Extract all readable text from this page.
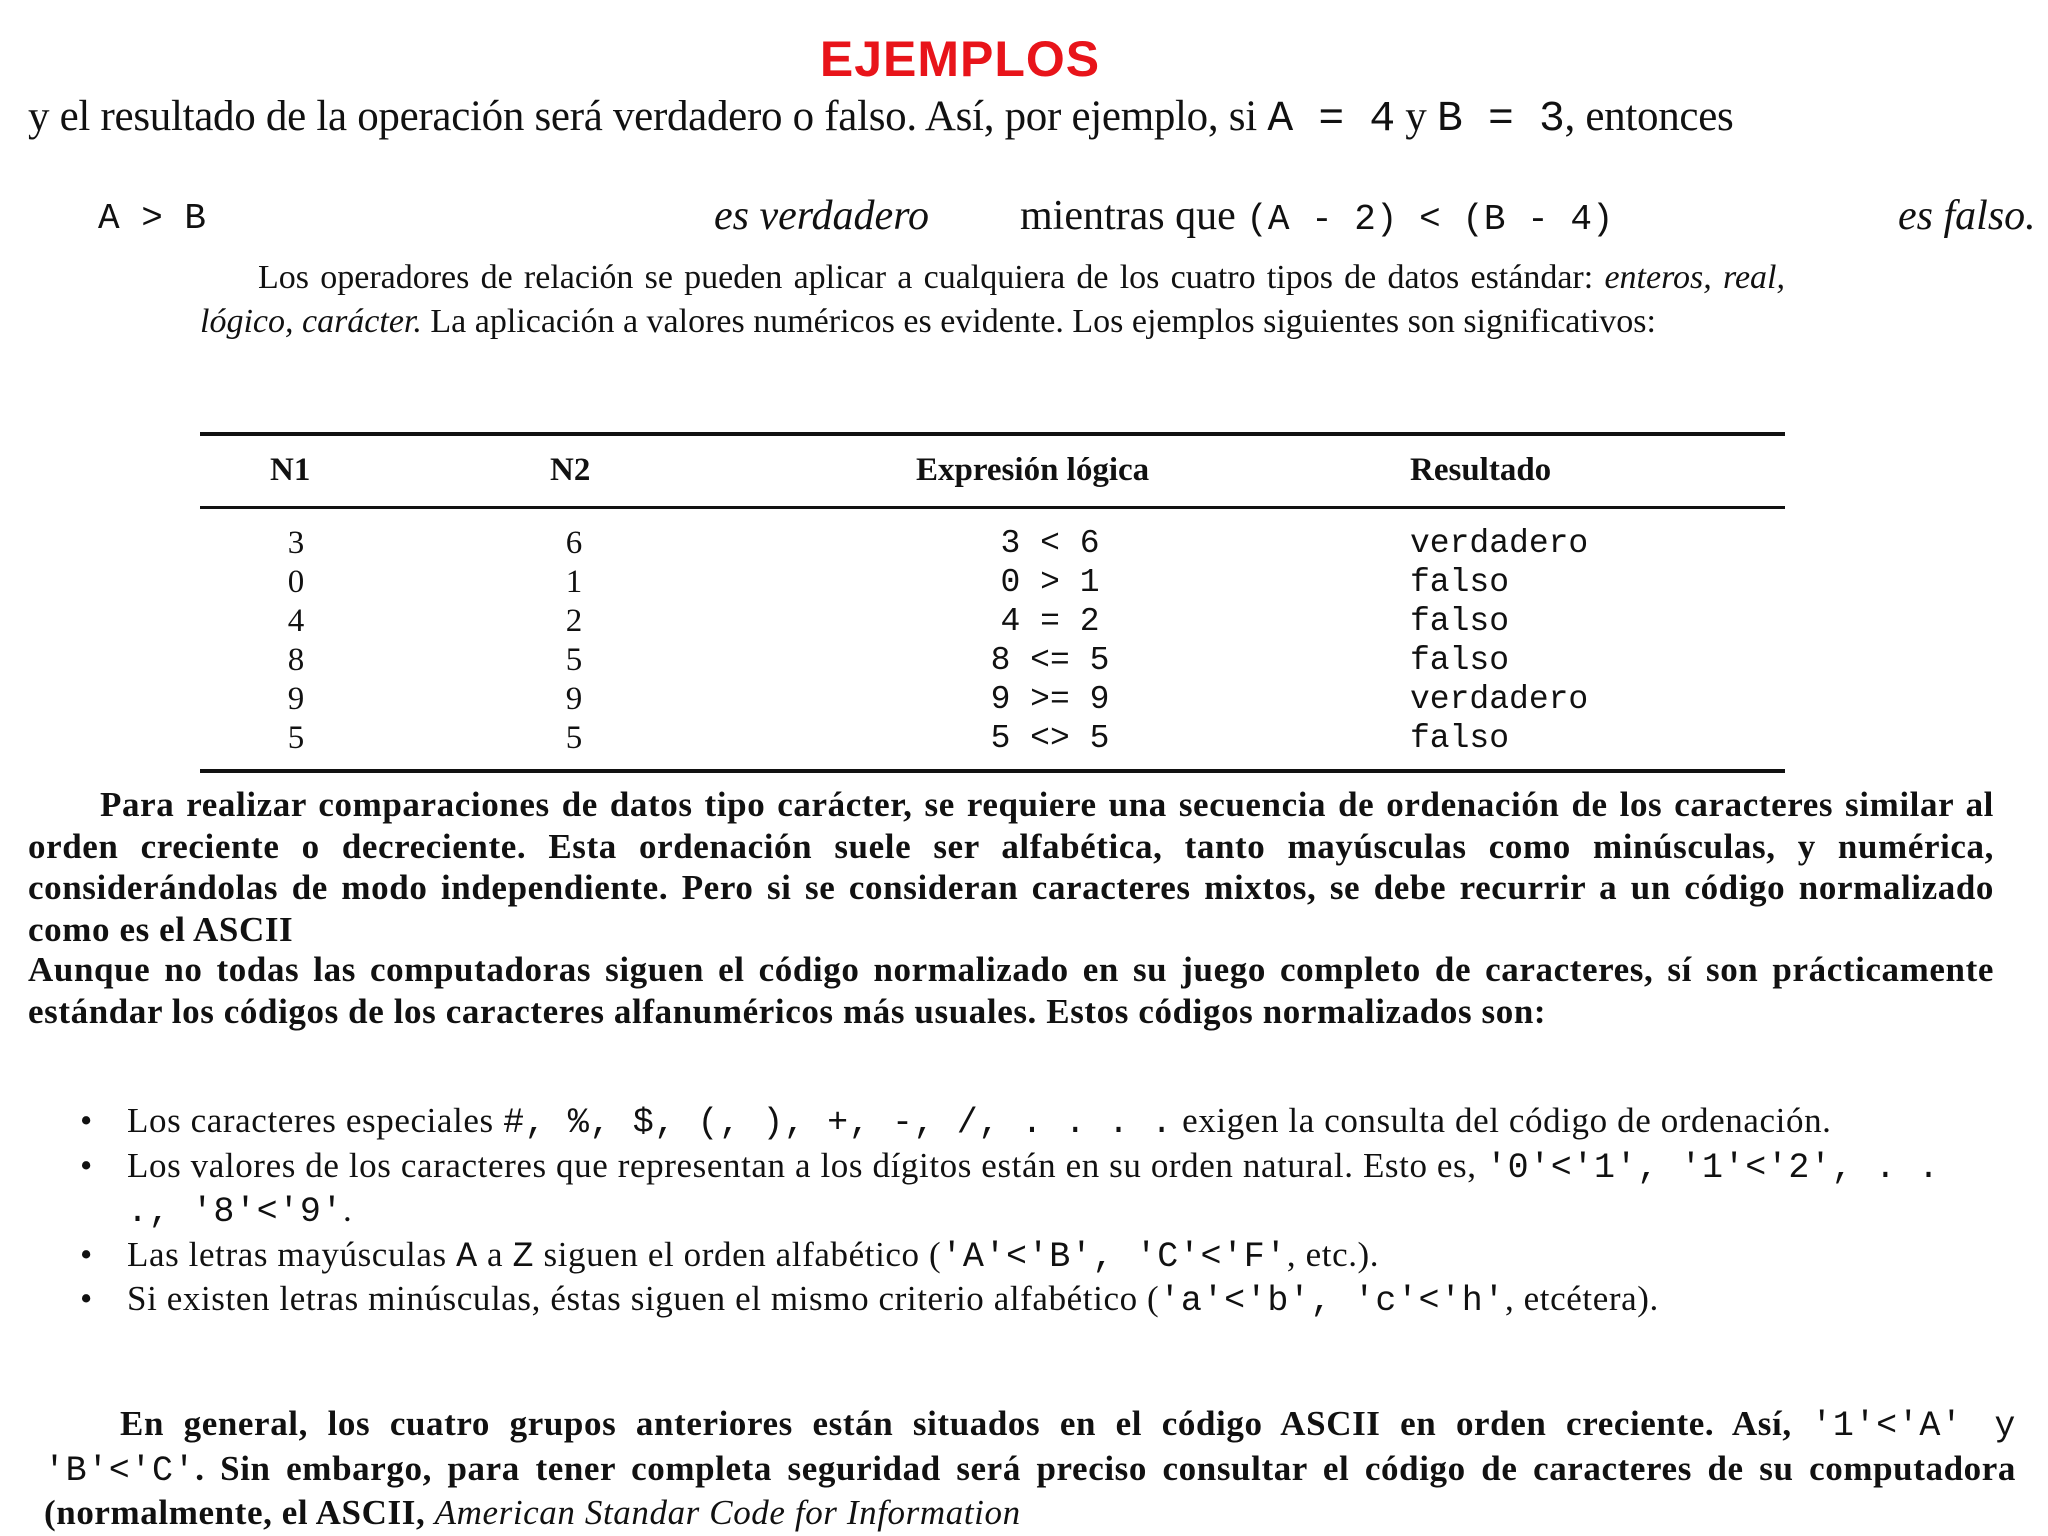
EJEMPLOS
y el resultado de la operación será verdadero o falso. Así, por ejemplo, si A = 4 y B = 3, entonces
A > B	es verdadero mientras que (A - 2) < (B - 4)	es falso.
Los operadores de relación se pueden aplicar a cualquiera de los cuatro tipos de datos estándar: enteros, real, lógico, carácter. La aplicación a valores numéricos es evidente. Los ejemplos siguientes son significativos:
N1	N2	Expresión lógica	Resultado
3	6	3 < 6	verdadero
0	1	0 > 1	falso
4	2	4 = 2	falso
8	5	8 <= 5	falso
9	9	9 >= 9	verdadero
5	5	5 <> 5	falso
Para realizar comparaciones de datos tipo carácter, se requiere una secuencia de ordenación de los caracteres similar al orden creciente o decreciente. Esta ordenación suele ser alfabética, tanto mayúsculas como minúsculas, y numérica, considerándolas de modo independiente. Pero si se consideran caracteres mixtos, se debe recurrir a un código normalizado como es el ASCII
Aunque no todas las computadoras siguen el código normalizado en su juego completo de caracteres, sí son prácticamente estándar los códigos de los caracteres alfanuméricos más usuales. Estos códigos normalizados son:
• Los caracteres especiales #, %, $, (, ), +, -, /, . . . . exigen la consulta del código de ordenación.
• Los valores de los caracteres que representan a los dígitos están en su orden natural. Esto es, '0'<'1', '1'<'2', . . ., '8'<'9'.
• Las letras mayúsculas A a Z siguen el orden alfabético ('A'<'B', 'C'<'F', etc.).
• Si existen letras minúsculas, éstas siguen el mismo criterio alfabético ('a'<'b', 'c'<'h', etcétera).
En general, los cuatro grupos anteriores están situados en el código ASCII en orden creciente. Así, '1'<'A' y 'B'<'C'. Sin embargo, para tener completa seguridad será preciso consultar el código de caracteres de su computadora (normalmente, el ASCII, American Standar Code for Information
